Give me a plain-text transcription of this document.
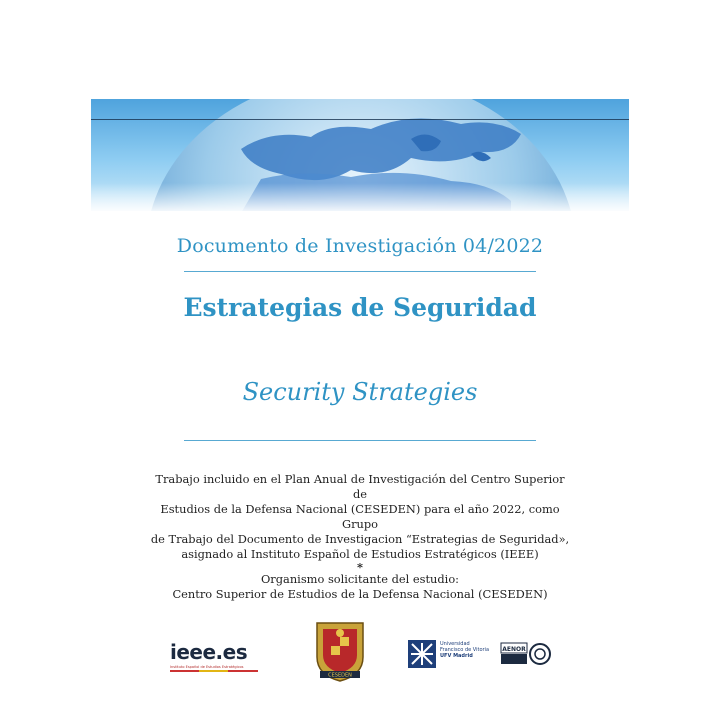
Documento de Investigación 04/2022
Estrategias de Seguridad
Security Strategies
Trabajo incluido en el Plan Anual de Investigación del Centro Superior de
Estudios de la Defensa Nacional (CESEDEN) para el año 2022, como Grupo
de Trabajo del Documento de Investigacion “Estrategias de Seguridad»,
asignado al Instituto Español de Estudios Estratégicos (IEEE)
*
Organismo solicitante del estudio:
Centro Superior de Estudios de la Defensa Nacional (CESEDEN)
ieee.es
Instituto Español de Estudios Estratégicos
CESEDEN
Universidad
Francisco de Vitoria
UFV Madrid
AENOR
